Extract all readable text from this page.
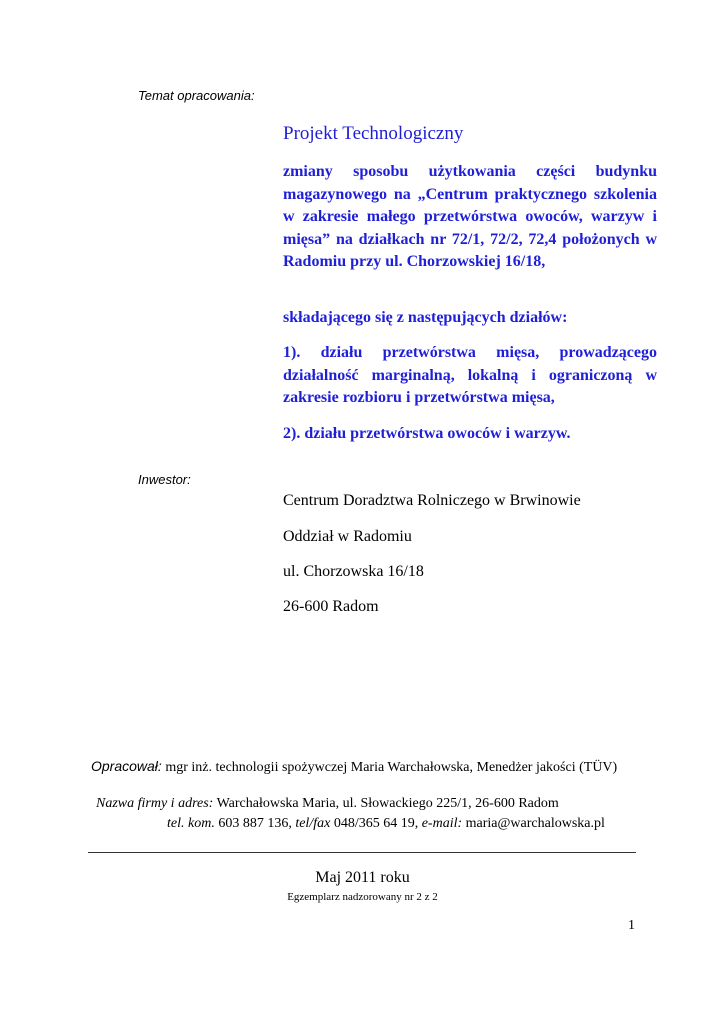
Temat opracowania:
Projekt Technologiczny
zmiany sposobu użytkowania części budynku magazynowego na „Centrum praktycznego szkolenia w zakresie małego przetwórstwa owoców, warzyw i mięsa” na działkach nr 72/1, 72/2, 72,4 położonych w Radomiu przy ul. Chorzowskiej 16/18,
składającego się z następujących działów:
1). działu przetwórstwa mięsa, prowadzącego działalność marginalną, lokalną i ograniczoną w zakresie rozbioru i przetwórstwa mięsa,
2). działu przetwórstwa owoców i warzyw.
Inwestor:
Centrum Doradztwa Rolniczego w Brwinowie
Oddział w Radomiu
ul. Chorzowska 16/18
26-600 Radom
Opracował: mgr inż. technologii spożywczej Maria Warchałowska, Menedżer jakości (TÜV)
Nazwa firmy i adres: Warchałowska Maria, ul. Słowackiego 225/1, 26-600 Radom
tel. kom. 603 887 136, tel/fax 048/365 64 19, e-mail: maria@warchalowska.pl
Maj 2011 roku
Egzemplarz nadzorowany nr 2 z 2
1
